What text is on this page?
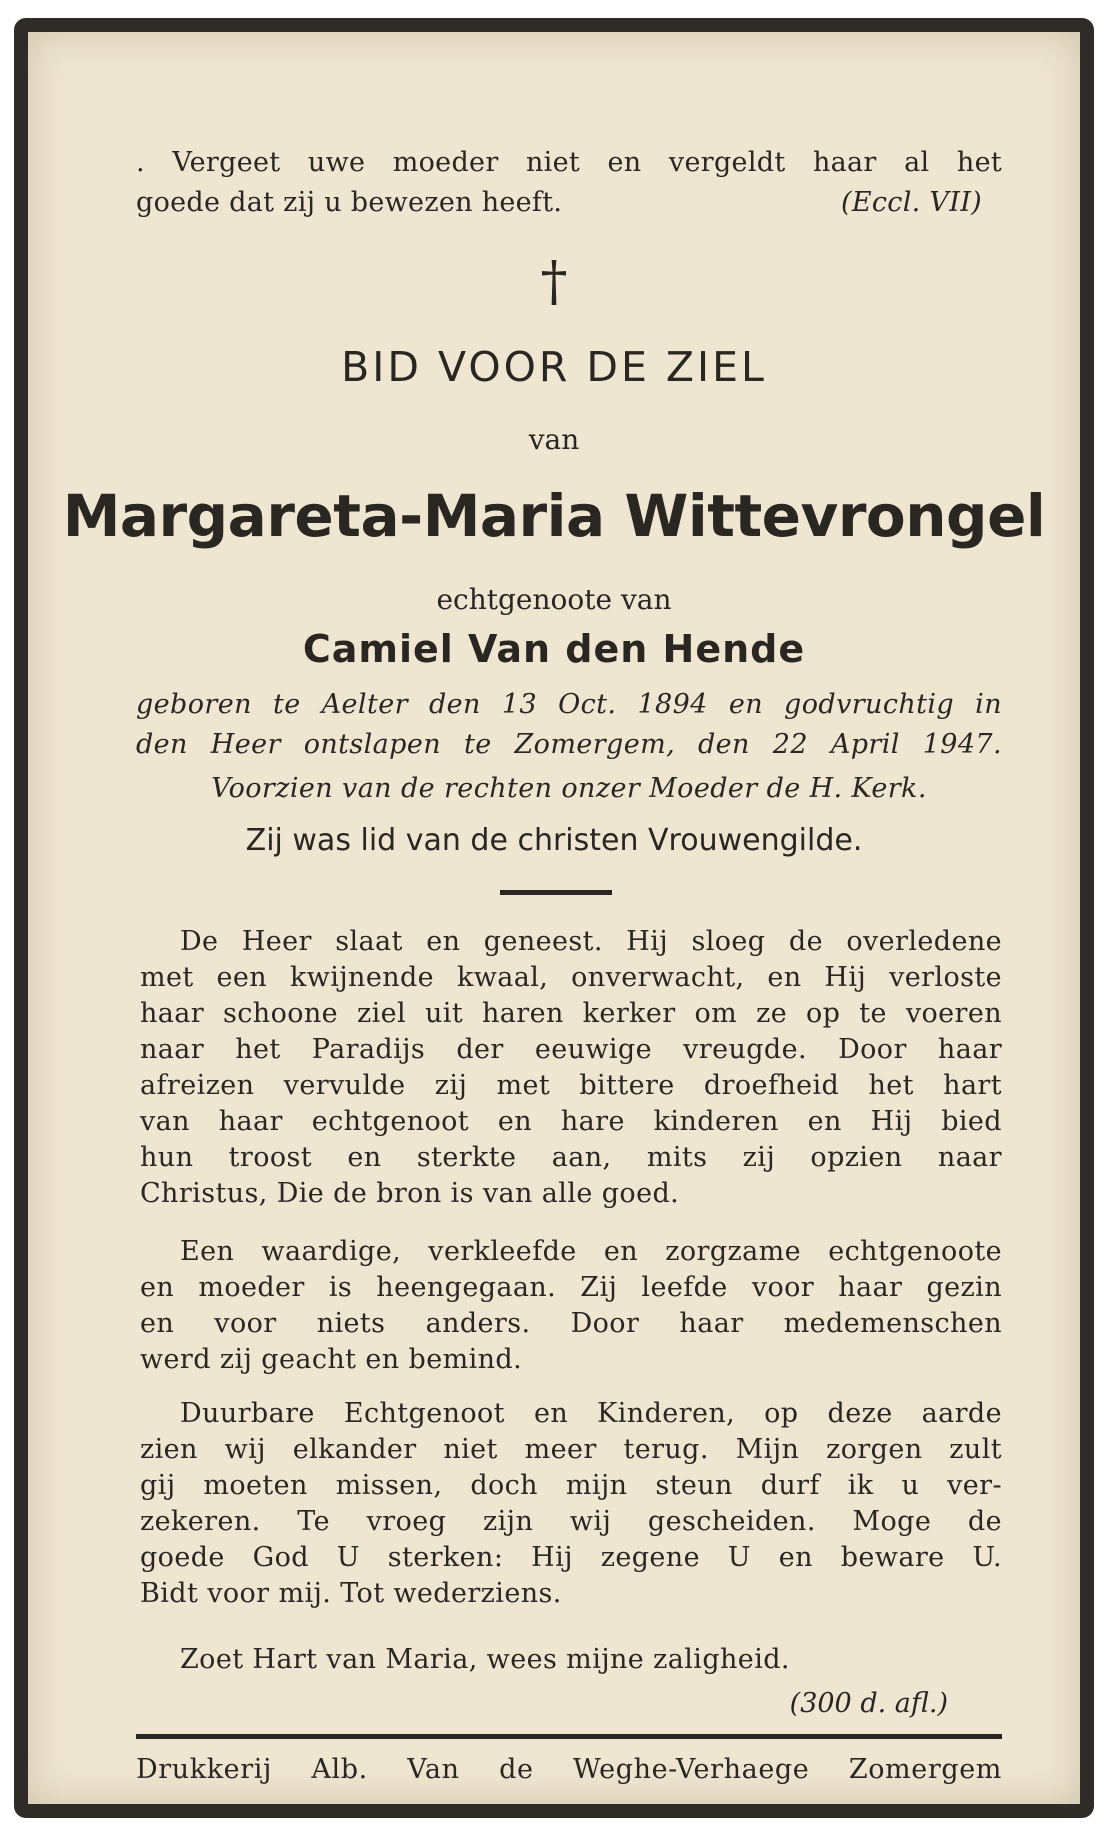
. Vergeet uwe moeder niet en vergeldt haar al het
goede dat zij u bewezen heeft.	(Eccl. VII)
†
BID VOOR DE ZIEL
van
Margareta-Maria Wittevrongel
echtgenoote van
Camiel Van den Hende
geboren te Aelter den 13 Oct. 1894 en godvruchtig in
den Heer ontslapen te Zomergem, den 22 April 1947.
Voorzien van de rechten onzer Moeder de H. Kerk.
Zij was lid van de christen Vrouwengilde.
De Heer slaat en geneest. Hij sloeg de overledene
met een kwijnende kwaal, onverwacht, en Hij verloste
haar schoone ziel uit haren kerker om ze op te voeren
naar het Paradijs der eeuwige vreugde. Door haar
afreizen vervulde zij met bittere droefheid het hart
van haar echtgenoot en hare kinderen en Hij bied
hun troost en sterkte aan, mits zij opzien naar
Christus, Die de bron is van alle goed.
Een waardige, verkleefde en zorgzame echtgenoote
en moeder is heengegaan. Zij leefde voor haar gezin
en voor niets anders. Door haar medemenschen
werd zij geacht en bemind.
Duurbare Echtgenoot en Kinderen, op deze aarde
zien wij elkander niet meer terug. Mijn zorgen zult
gij moeten missen, doch mijn steun durf ik u ver-
zekeren. Te vroeg zijn wij gescheiden. Moge de
goede God U sterken: Hij zegene U en beware U.
Bidt voor mij. Tot wederziens.
Zoet Hart van Maria, wees mijne zaligheid.
(300 d. afl.)
Drukkerij Alb. Van de Weghe-Verhaege Zomergem
